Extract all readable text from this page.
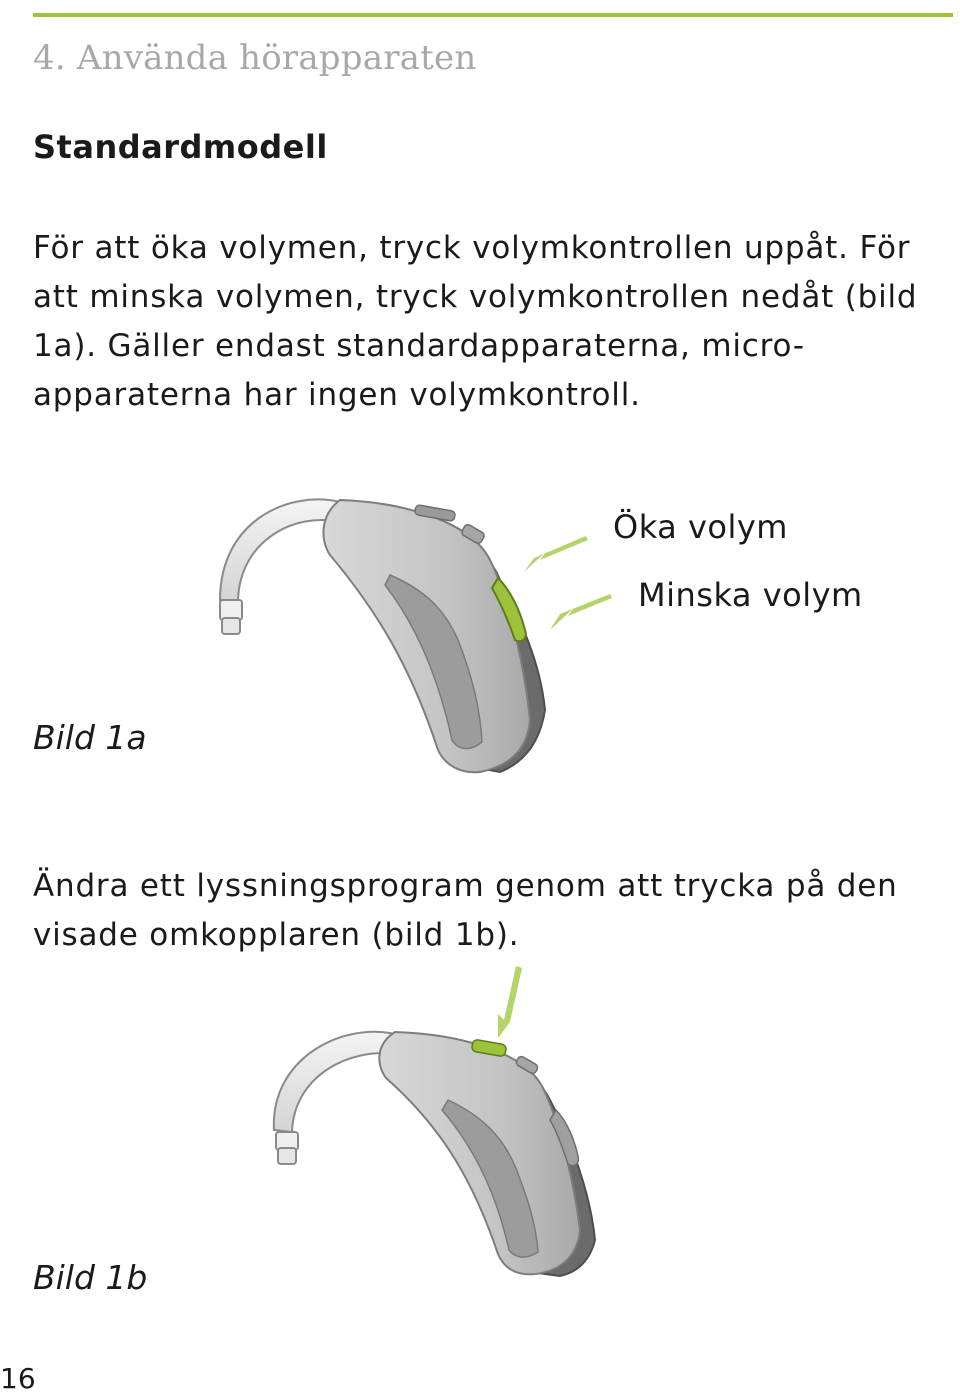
4. Använda hörapparaten
Standardmodell

För att öka volymen, tryck volymkontrollen uppåt. För att minska volymen, tryck volymkontrollen nedåt (bild 1a). Gäller endast standardapparaterna, micro-apparaterna har ingen volymkontroll.

Öka volym
Minska volym
Bild 1a

Ändra ett lyssningsprogram genom att trycka på den visade omkopplaren (bild 1b).

Bild 1b
16
